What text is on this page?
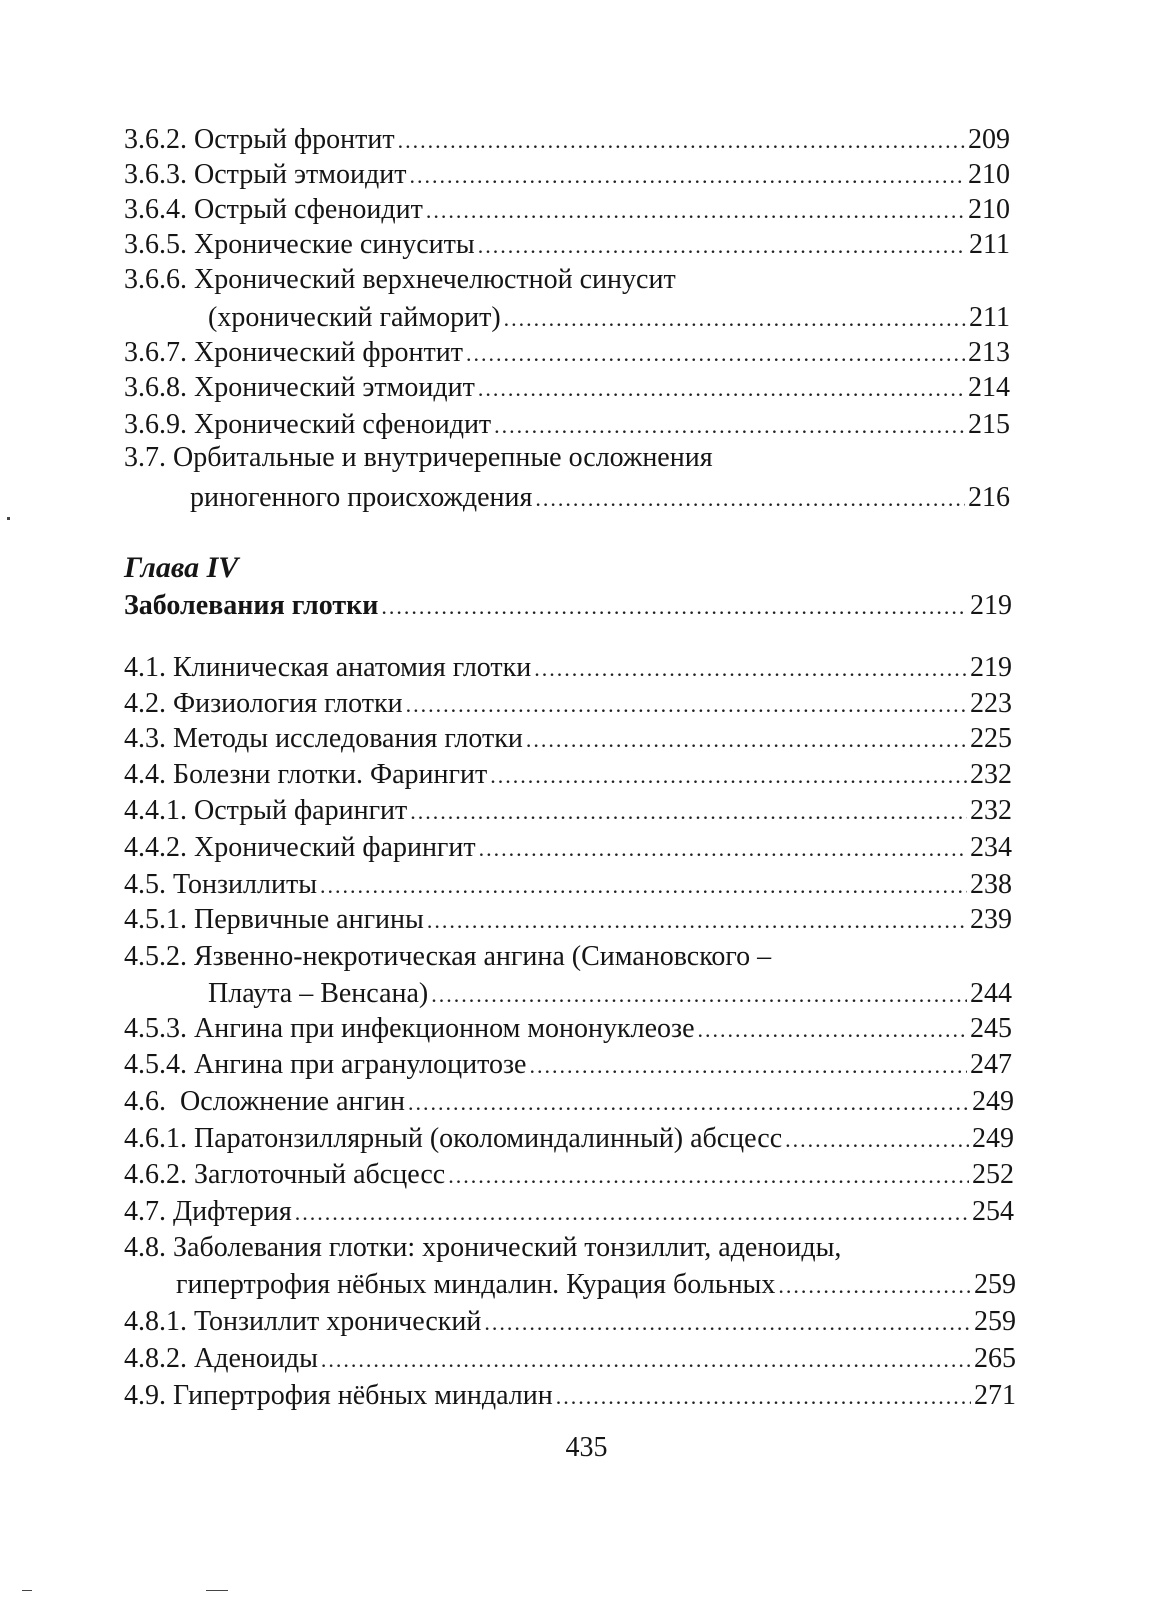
3.6.2. Острый фронтит .....	209
3.6.3. Острый этмоидит .....	210
3.6.4. Острый сфеноидит .....	210
3.6.5. Хронические синуситы .....	211
3.6.6. Хронический верхнечелюстной синусит
(хронический гайморит) .....	211
3.6.7. Хронический фронтит .....	213
3.6.8. Хронический этмоидит .....	214
3.6.9. Хронический сфеноидит .....	215
3.7. Орбитальные и внутричерепные осложнения
риногенного происхождения .....	216
Глава IV
Заболевания глотки .....	219
4.1. Клиническая анатомия глотки .....	219
4.2. Физиология глотки .....	223
4.3. Методы исследования глотки .....	225
4.4. Болезни глотки. Фарингит .....	232
4.4.1. Острый фарингит .....	232
4.4.2. Хронический фарингит .....	234
4.5. Тонзиллиты .....	238
4.5.1. Первичные ангины .....	239
4.5.2. Язвенно-некротическая ангина (Симановского –
Плаута – Венсана) .....	244
4.5.3. Ангина при инфекционном мононуклеозе .....	245
4.5.4. Ангина при агранулоцитозе .....	247
4.6.  Осложнение ангин .....	249
4.6.1. Паратонзиллярный (околоминдалинный) абсцесс .....	249
4.6.2. Заглоточный абсцесс .....	252
4.7. Дифтерия .....	254
4.8. Заболевания глотки: хронический тонзиллит, аденоиды,
гипертрофия нёбных миндалин. Курация больных .....	259
4.8.1. Тонзиллит хронический .....	259
4.8.2. Аденоиды .....	265
4.9. Гипертрофия нёбных миндалин .....	271
435
